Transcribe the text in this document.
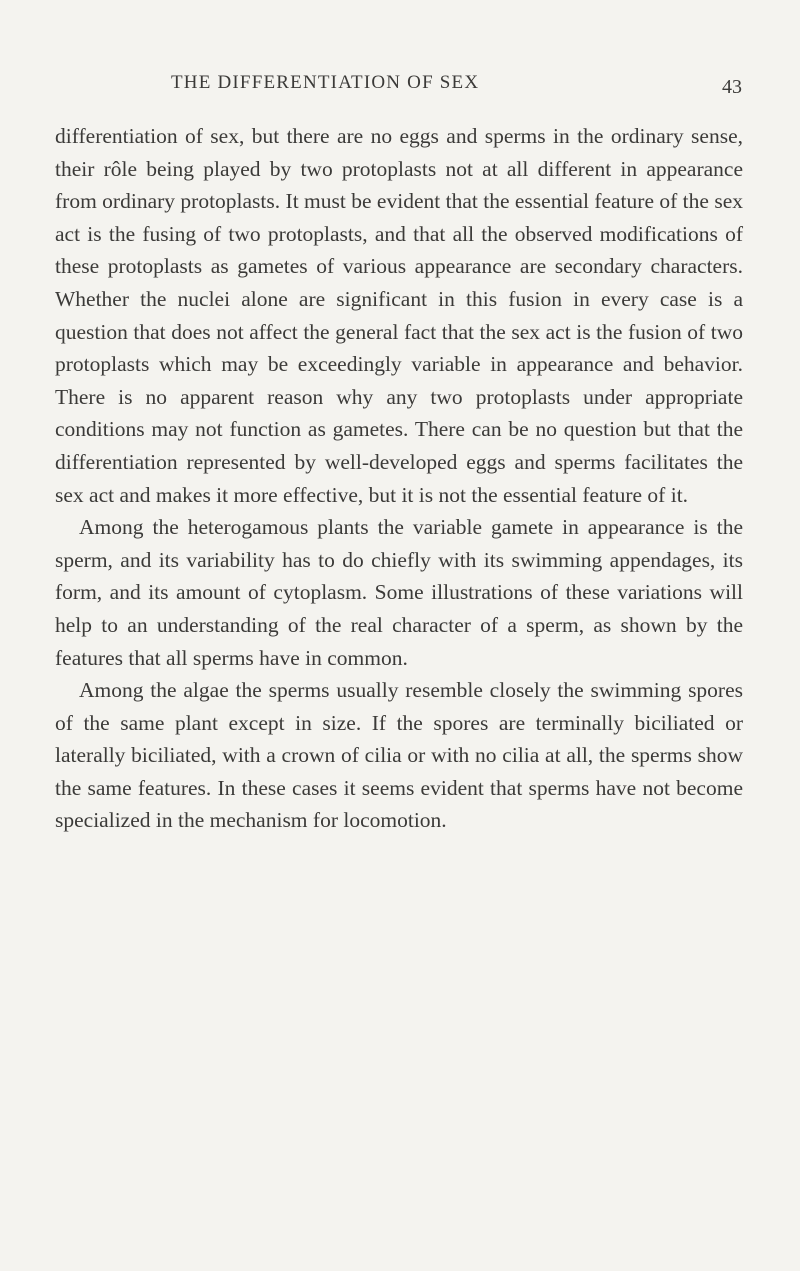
THE DIFFERENTIATION OF SEX	43

differentiation of sex, but there are no eggs and sperms in the ordinary sense, their rôle being played by two protoplasts not at all different in appearance from ordinary protoplasts. It must be evident that the essential feature of the sex act is the fusing of two protoplasts, and that all the observed modifications of these protoplasts as gametes of various appearance are secondary characters. Whether the nuclei alone are significant in this fusion in every case is a question that does not affect the general fact that the sex act is the fusion of two protoplasts which may be exceedingly variable in appearance and behavior. There is no apparent reason why any two protoplasts under appropriate conditions may not function as gametes. There can be no question but that the differentiation represented by well-developed eggs and sperms facilitates the sex act and makes it more effective, but it is not the essential feature of it.

Among the heterogamous plants the variable gamete in appearance is the sperm, and its variability has to do chiefly with its swimming appendages, its form, and its amount of cytoplasm. Some illustrations of these variations will help to an understanding of the real character of a sperm, as shown by the features that all sperms have in common.

Among the algae the sperms usually resemble closely the swimming spores of the same plant except in size. If the spores are terminally biciliated or laterally biciliated, with a crown of cilia or with no cilia at all, the sperms show the same features. In these cases it seems evident that sperms have not become specialized in the mechanism for locomotion.
